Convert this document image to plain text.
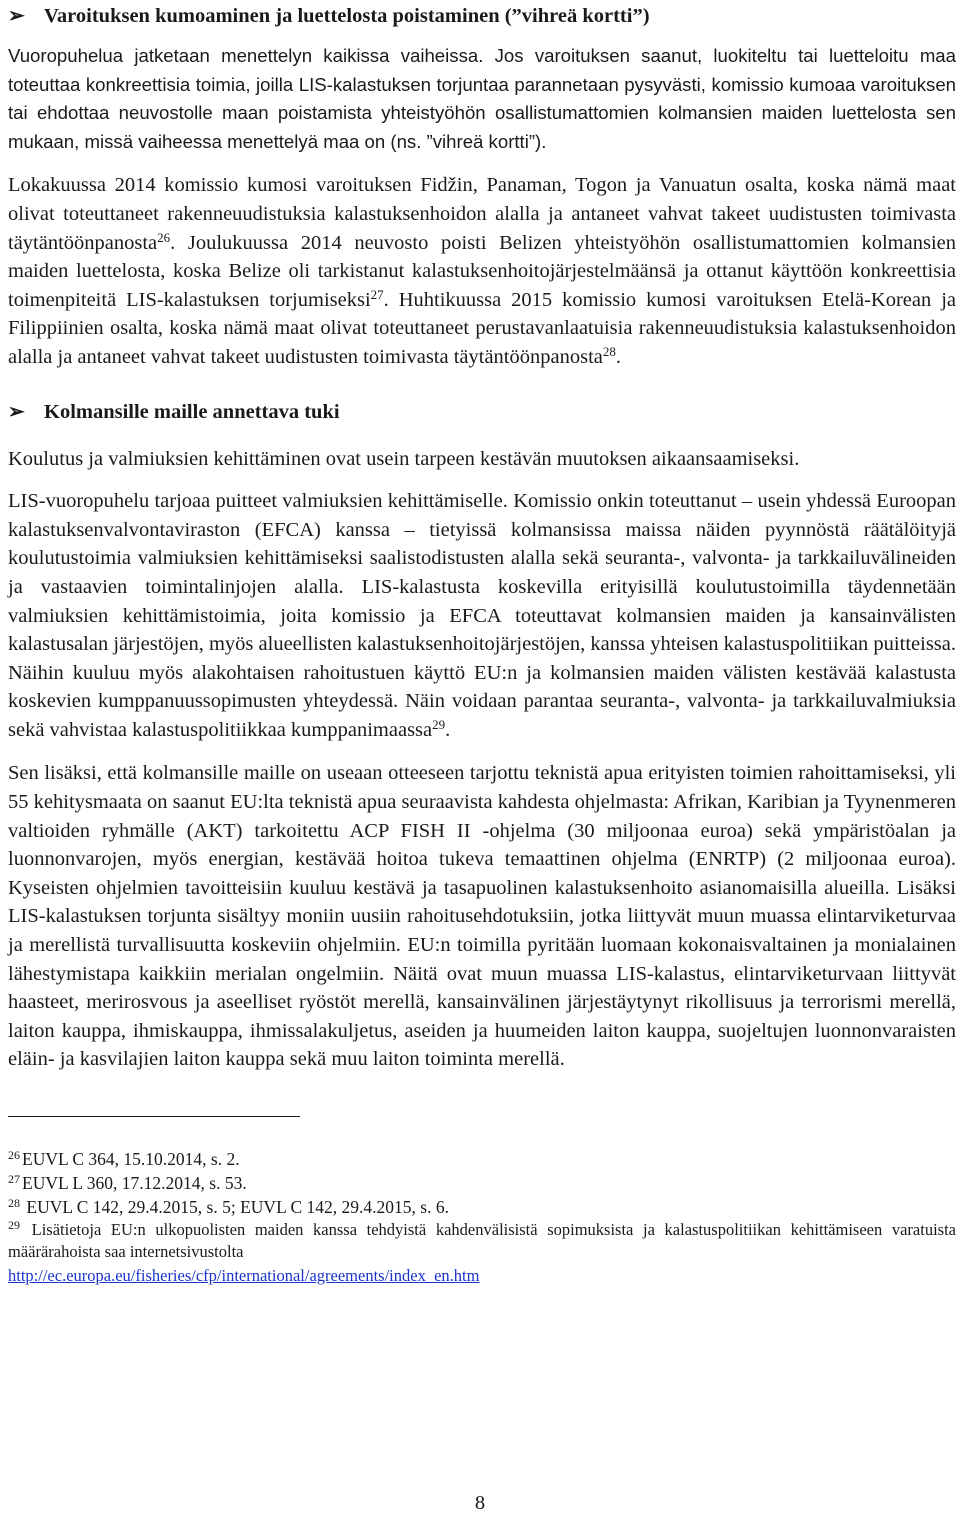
➢ Varoituksen kumoaminen ja luettelosta poistaminen (”vihreä kortti”)

Vuoropuhelua jatketaan menettelyn kaikissa vaiheissa. Jos varoituksen saanut, luokiteltu tai luetteloitu maa toteuttaa konkreettisia toimia, joilla LIS-kalastuksen torjuntaa parannetaan pysyvästi, komissio kumoaa varoituksen tai ehdottaa neuvostolle maan poistamista yhteistyöhön osallistumattomien kolmansien maiden luettelosta sen mukaan, missä vaiheessa menettelyä maa on (ns. ”vihreä kortti”).

Lokakuussa 2014 komissio kumosi varoituksen Fidžin, Panaman, Togon ja Vanuatun osalta, koska nämä maat olivat toteuttaneet rakenneuudistuksia kalastuksenhoidon alalla ja antaneet vahvat takeet uudistusten toimivasta täytäntöönpanosta$^{26}$. Joulukuussa 2014 neuvosto poisti Belizen yhteistyöhön osallistumattomien kolmansien maiden luettelosta, koska Belize oli tarkistanut kalastuksenhoitojärjestelmäänsä ja ottanut käyttöön konkreettisia toimenpiteitä LIS-kalastuksen torjumiseksi$^{27}$. Huhtikuussa 2015 komissio kumosi varoituksen Etelä-Korean ja Filippiinien osalta, koska nämä maat olivat toteuttaneet perustavanlaatuisia rakenneuudistuksia kalastuksenhoidon alalla ja antaneet vahvat takeet uudistusten toimivasta täytäntöönpanosta$^{28}$.

➢ Kolmansille maille annettava tuki

Koulutus ja valmiuksien kehittäminen ovat usein tarpeen kestävän muutoksen aikaansaamiseksi.

LIS-vuoropuhelu tarjoaa puitteet valmiuksien kehittämiselle. Komissio onkin toteuttanut – usein yhdessä Euroopan kalastuksenvalvontaviraston (EFCA) kanssa – tietyissä kolmansissa maissa näiden pyynnöstä räätälöityjä koulutustoimia valmiuksien kehittämiseksi saalistodistusten alalla sekä seuranta-, valvonta- ja tarkkailuvälineiden ja vastaavien toimintalinjojen alalla. LIS-kalastusta koskevilla erityisillä koulutustoimilla täydennetään valmiuksien kehittämistoimia, joita komissio ja EFCA toteuttavat kolmansien maiden ja kansainvälisten kalastusalan järjestöjen, myös alueellisten kalastuksenhoitojärjestöjen, kanssa yhteisen kalastuspolitiikan puitteissa. Näihin kuuluu myös alakohtaisen rahoitustuen käyttö EU:n ja kolmansien maiden välisten kestävää kalastusta koskevien kumppanuussopimusten yhteydessä. Näin voidaan parantaa seuranta-, valvonta- ja tarkkailuvalmiuksia sekä vahvistaa kalastuspolitiikkaa kumppanimaassa$^{29}$.

Sen lisäksi, että kolmansille maille on useaan otteeseen tarjottu teknistä apua erityisten toimien rahoittamiseksi, yli 55 kehitysmaata on saanut EU:lta teknistä apua seuraavista kahdesta ohjelmasta: Afrikan, Karibian ja Tyynenmeren valtioiden ryhmälle (AKT) tarkoitettu ACP FISH II -ohjelma (30 miljoonaa euroa) sekä ympäristöalan ja luonnonvarojen, myös energian, kestävää hoitoa tukeva temaattinen ohjelma (ENRTP) (2 miljoonaa euroa). Kyseisten ohjelmien tavoitteisiin kuuluu kestävä ja tasapuolinen kalastuksenhoito asianomaisilla alueilla. Lisäksi LIS-kalastuksen torjunta sisältyy moniin uusiin rahoitusehdotuksiin, jotka liittyvät muun muassa elintarviketurvaa ja merellistä turvallisuutta koskeviin ohjelmiin. EU:n toimilla pyritään luomaan kokonaisvaltainen ja monialainen lähestymistapa kaikkiin merialan ongelmiin. Näitä ovat muun muassa LIS-kalastus, elintarviketurvaan liittyvät haasteet, merirosvous ja aseelliset ryöstöt merellä, kansainvälinen järjestäytynyt rikollisuus ja terrorismi merellä, laiton kauppa, ihmiskauppa, ihmissalakuljetus, aseiden ja huumeiden laiton kauppa, suojeltujen luonnonvaraisten eläin- ja kasvilajien laiton kauppa sekä muu laiton toiminta merellä.

$^{26}$ EUVL C 364, 15.10.2014, s. 2.
$^{27}$ EUVL L 360, 17.12.2014, s. 53.
$^{28}$ EUVL C 142, 29.4.2015, s. 5; EUVL C 142, 29.4.2015, s. 6.
$^{29}$ Lisätietoja EU:n ulkopuolisten maiden kanssa tehdyistä kahdenvälisistä sopimuksista ja kalastuspolitiikan kehittämiseen varatuista määrärahoista saa internetsivustolta
http://ec.europa.eu/fisheries/cfp/international/agreements/index_en.htm
8
